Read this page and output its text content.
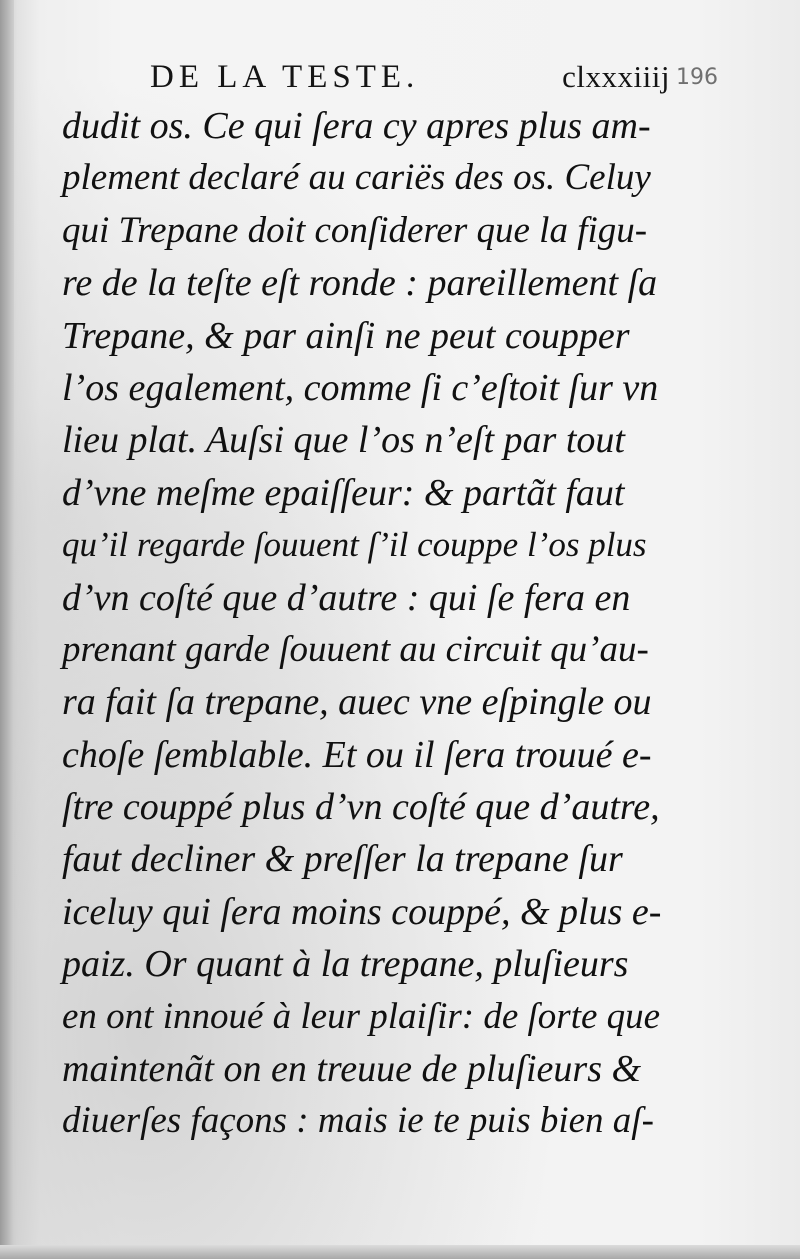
DE LA TESTE.	clxxxiiij 196
dudit os. Ce qui ſera cy apres plus am-
plement declaré au cariës des os. Celuy
qui Trepane doit conſiderer que la figu-
re de la teſte eſt ronde : pareillement ſa
Trepane, & par ainſi ne peut coupper
l’os egalement, comme ſi c’eſtoit ſur vn
lieu plat. Auſsi que l’os n’eſt par tout
d’vne meſme epaiſſeur: & partãt faut
qu’il regarde ſouuent ſ’il couppe l’os plus
d’vn coſté que d’autre : qui ſe fera en
prenant garde ſouuent au circuit qu’au-
ra fait ſa trepane, auec vne eſpingle ou
choſe ſemblable. Et ou il ſera trouué e-
ſtre couppé plus d’vn coſté que d’autre,
faut decliner & preſſer la trepane ſur
iceluy qui ſera moins couppé, & plus e-
paiz. Or quant à la trepane, pluſieurs
en ont innoué à leur plaiſir: de ſorte que
maintenãt on en treuue de pluſieurs &
diuerſes façons : mais ie te puis bien aſ-
